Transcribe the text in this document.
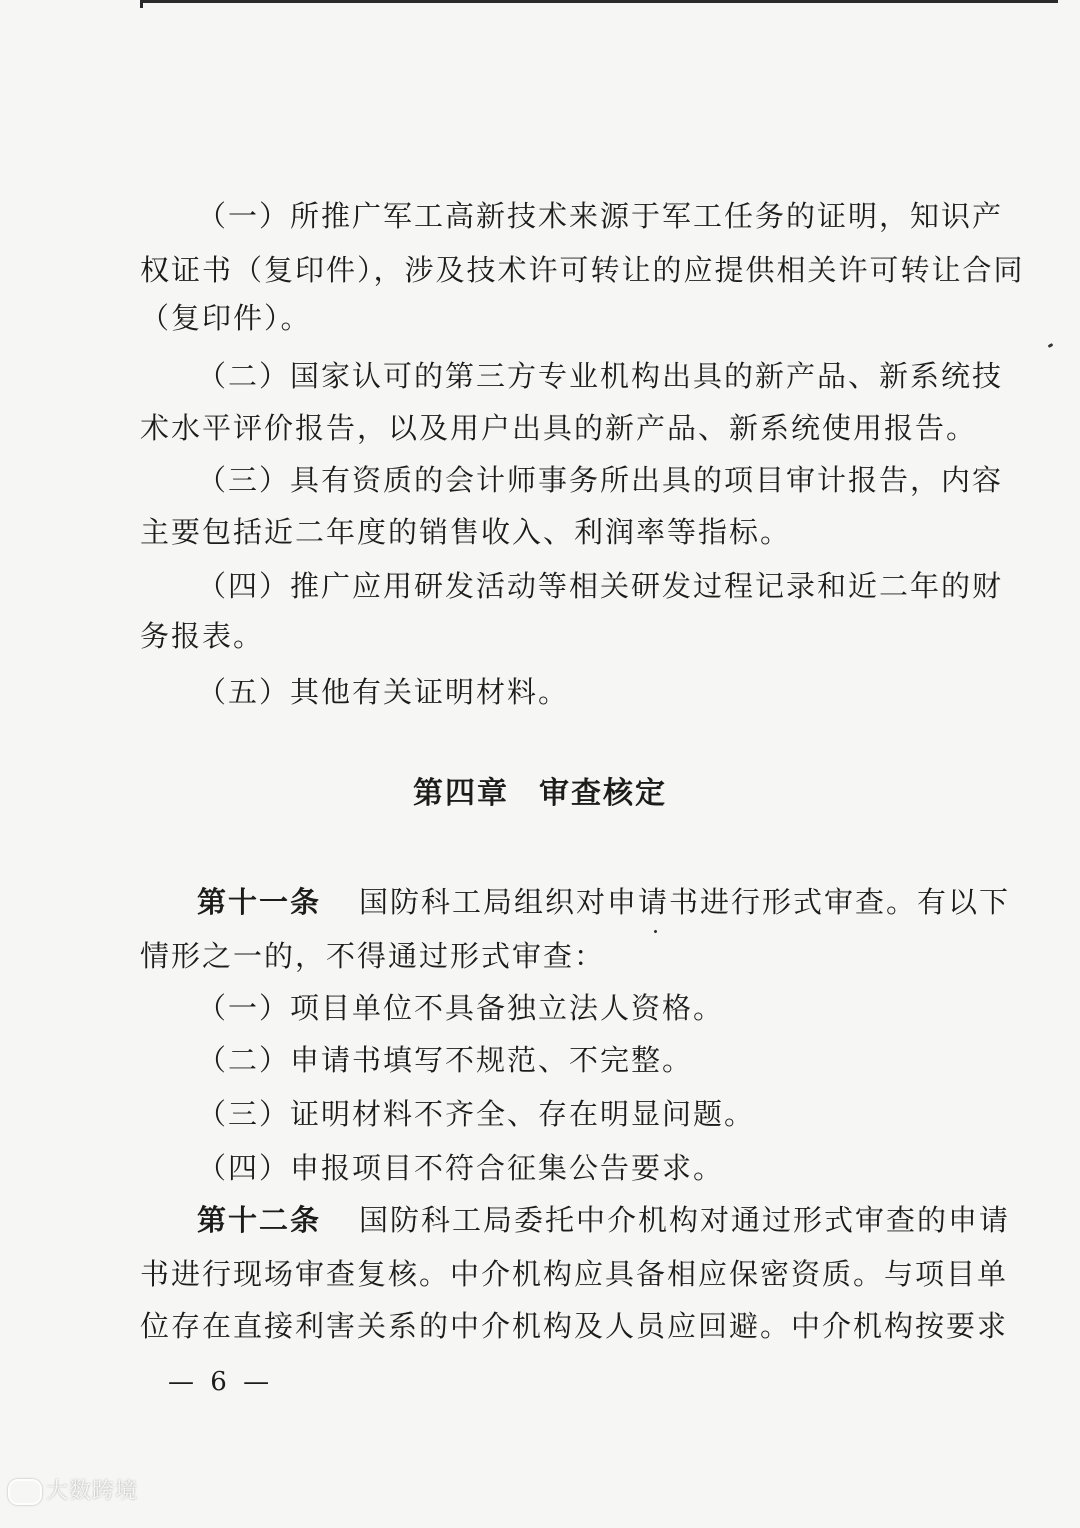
（一）所推广军工高新技术来源于军工任务的证明，知识产
权证书（复印件），涉及技术许可转让的应提供相关许可转让合同
（复印件）。
（二）国家认可的第三方专业机构出具的新产品、新系统技
术水平评价报告，以及用户出具的新产品、新系统使用报告。
（三）具有资质的会计师事务所出具的项目审计报告，内容
主要包括近二年度的销售收入、利润率等指标。
（四）推广应用研发活动等相关研发过程记录和近二年的财
务报表。
（五）其他有关证明材料。
第四章 审查核定
第十一条 国防科工局组织对申请书进行形式审查。有以下
情形之一的，不得通过形式审查：
（一）项目单位不具备独立法人资格。
（二）申请书填写不规范、不完整。
（三）证明材料不齐全、存在明显问题。
（四）申报项目不符合征集公告要求。
第十二条 国防科工局委托中介机构对通过形式审查的申请
书进行现场审查复核。中介机构应具备相应保密资质。与项目单
位存在直接利害关系的中介机构及人员应回避。中介机构按要求
— 6 —
大数跨境
